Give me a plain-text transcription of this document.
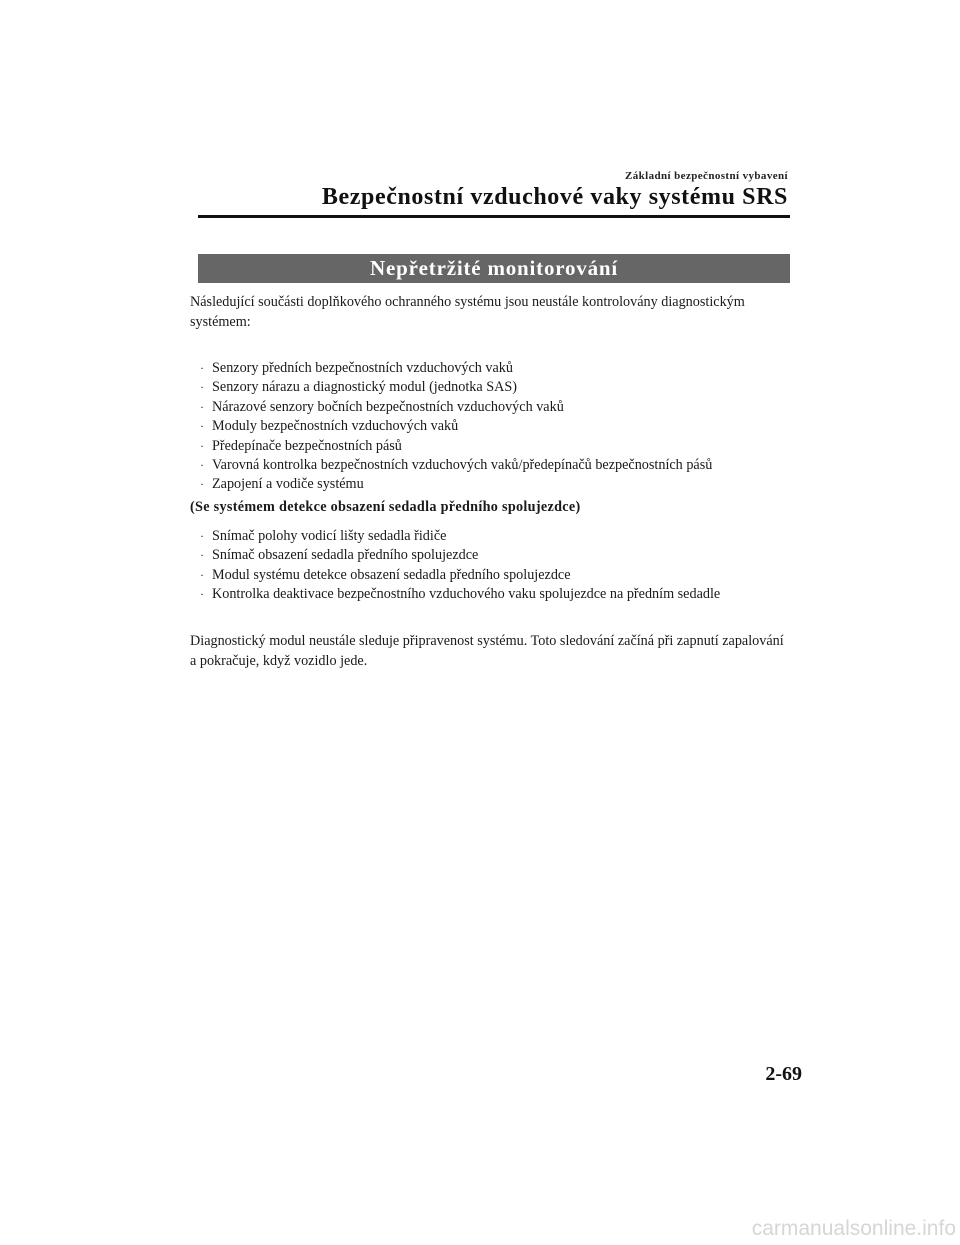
Základní bezpečnostní vybavení
Bezpečnostní vzduchové vaky systému SRS
Nepřetržité monitorování

Následující součásti doplňkového ochranného systému jsou neustále kontrolovány diagnostickým systémem:

· Senzory předních bezpečnostních vzduchových vaků
· Senzory nárazu a diagnostický modul (jednotka SAS)
· Nárazové senzory bočních bezpečnostních vzduchových vaků
· Moduly bezpečnostních vzduchových vaků
· Předepínače bezpečnostních pásů
· Varovná kontrolka bezpečnostních vzduchových vaků/předepínačů bezpečnostních pásů
· Zapojení a vodiče systému

(Se systémem detekce obsazení sedadla předního spolujezdce)

· Snímač polohy vodicí lišty sedadla řidiče
· Snímač obsazení sedadla předního spolujezdce
· Modul systému detekce obsazení sedadla předního spolujezdce
· Kontrolka deaktivace bezpečnostního vzduchového vaku spolujezdce na předním sedadle

Diagnostický modul neustále sleduje připravenost systému. Toto sledování začíná při zapnutí zapalování a pokračuje, když vozidlo jede.

2-69
carmanualsonline.info
